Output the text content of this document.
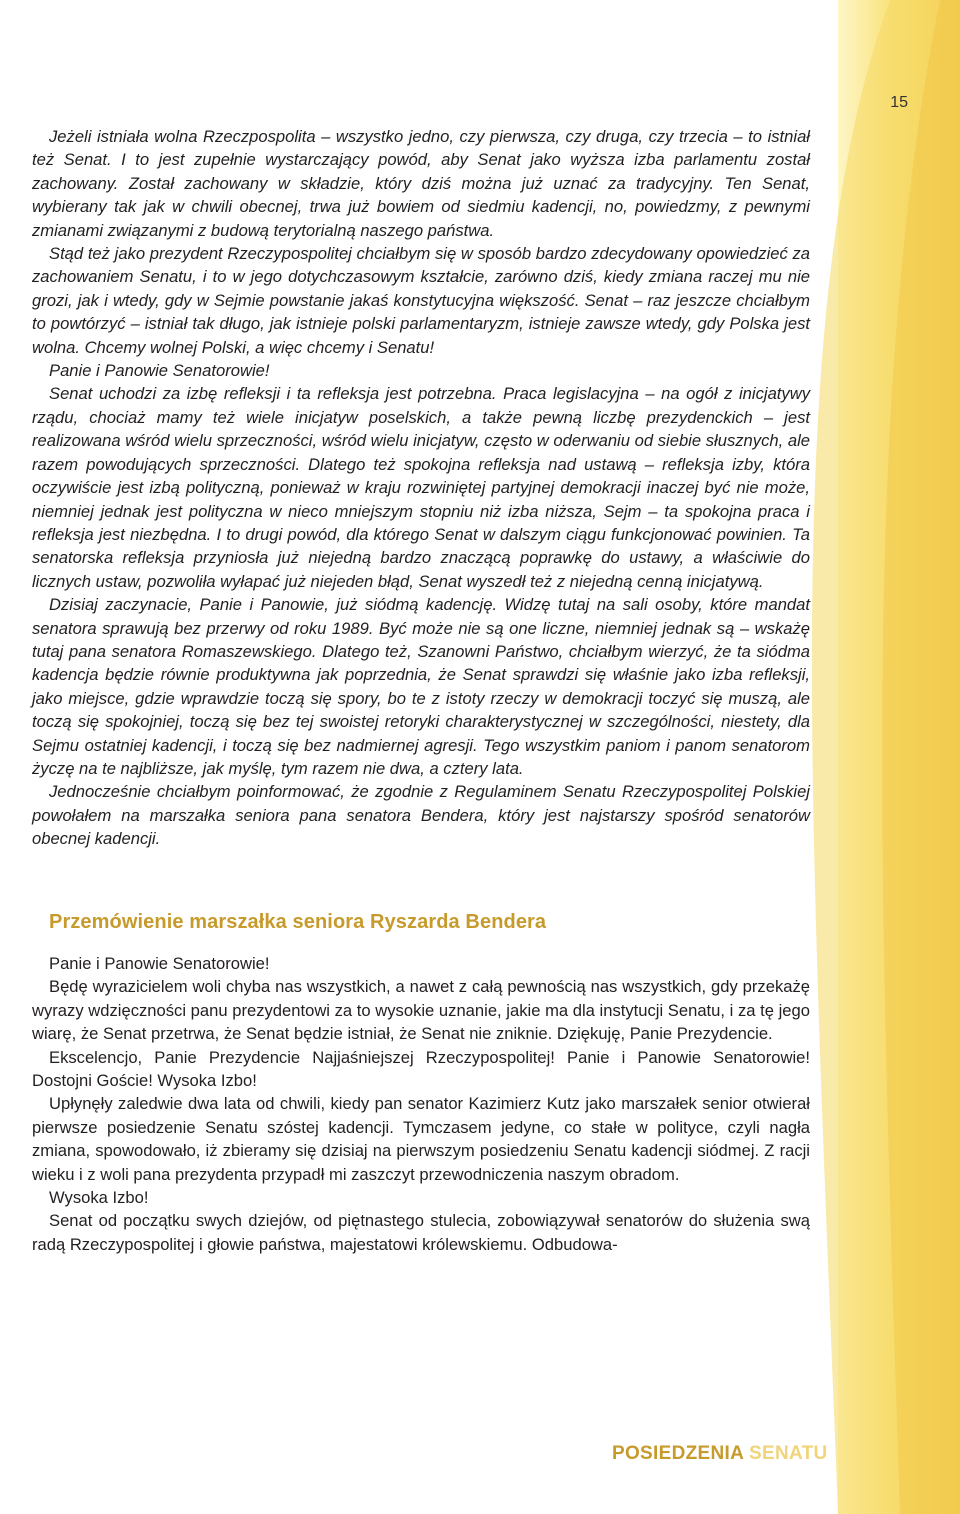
15

Jeżeli istniała wolna Rzeczpospolita – wszystko jedno, czy pierwsza, czy druga, czy trzecia – to istniał też Senat. I to jest zupełnie wystarczający powód, aby Senat jako wyższa izba parlamentu został zachowany. Został zachowany w składzie, który dziś można już uznać za tradycyjny. Ten Senat, wybierany tak jak w chwili obecnej, trwa już bowiem od siedmiu kadencji, no, powiedzmy, z pewnymi zmianami związanymi z budową terytorialną naszego państwa.

Stąd też jako prezydent Rzeczypospolitej chciałbym się w sposób bardzo zdecydowany opowiedzieć za zachowaniem Senatu, i to w jego dotychczasowym kształcie, zarówno dziś, kiedy zmiana raczej mu nie grozi, jak i wtedy, gdy w Sejmie powstanie jakaś konstytucyjna większość. Senat – raz jeszcze chciałbym to powtórzyć – istniał tak długo, jak istnieje polski parlamentaryzm, istnieje zawsze wtedy, gdy Polska jest wolna. Chcemy wolnej Polski, a więc chcemy i Senatu!

Panie i Panowie Senatorowie!

Senat uchodzi za izbę refleksji i ta refleksja jest potrzebna. Praca legislacyjna – na ogół z inicjatywy rządu, chociaż mamy też wiele inicjatyw poselskich, a także pewną liczbę prezydenckich – jest realizowana wśród wielu sprzeczności, wśród wielu inicjatyw, często w oderwaniu od siebie słusznych, ale razem powodujących sprzeczności. Dlatego też spokojna refleksja nad ustawą – refleksja izby, która oczywiście jest izbą polityczną, ponieważ w kraju rozwiniętej partyjnej demokracji inaczej być nie może, niemniej jednak jest polityczna w nieco mniejszym stopniu niż izba niższa, Sejm – ta spokojna praca i refleksja jest niezbędna. I to drugi powód, dla którego Senat w dalszym ciągu funkcjonować powinien. Ta senatorska refleksja przyniosła już niejedną bardzo znaczącą poprawkę do ustawy, a właściwie do licznych ustaw, pozwoliła wyłapać już niejeden błąd, Senat wyszedł też z niejedną cenną inicjatywą.

Dzisiaj zaczynacie, Panie i Panowie, już siódmą kadencję. Widzę tutaj na sali osoby, które mandat senatora sprawują bez przerwy od roku 1989. Być może nie są one liczne, niemniej jednak są – wskażę tutaj pana senatora Romaszewskiego. Dlatego też, Szanowni Państwo, chciałbym wierzyć, że ta siódma kadencja będzie równie produktywna jak poprzednia, że Senat sprawdzi się właśnie jako izba refleksji, jako miejsce, gdzie wprawdzie toczą się spory, bo te z istoty rzeczy w demokracji toczyć się muszą, ale toczą się spokojniej, toczą się bez tej swoistej retoryki charakterystycznej w szczególności, niestety, dla Sejmu ostatniej kadencji, i toczą się bez nadmiernej agresji. Tego wszystkim paniom i panom senatorom życzę na te najbliższe, jak myślę, tym razem nie dwa, a cztery lata.

Jednocześnie chciałbym poinformować, że zgodnie z Regulaminem Senatu Rzeczypospolitej Polskiej powołałem na marszałka seniora pana senatora Bendera, który jest najstarszy spośród senatorów obecnej kadencji.

Przemówienie marszałka seniora Ryszarda Bendera

Panie i Panowie Senatorowie!

Będę wyrazicielem woli chyba nas wszystkich, a nawet z całą pewnością nas wszystkich, gdy przekażę wyrazy wdzięczności panu prezydentowi za to wysokie uznanie, jakie ma dla instytucji Senatu, i za tę jego wiarę, że Senat przetrwa, że Senat będzie istniał, że Senat nie zniknie. Dziękuję, Panie Prezydencie.

Ekscelencjo, Panie Prezydencie Najjaśniejszej Rzeczypospolitej! Panie i Panowie Senatorowie! Dostojni Goście! Wysoka Izbo!

Upłynęły zaledwie dwa lata od chwili, kiedy pan senator Kazimierz Kutz jako marszałek senior otwierał pierwsze posiedzenie Senatu szóstej kadencji. Tymczasem jedyne, co stałe w polityce, czyli nagła zmiana, spowodowało, iż zbieramy się dzisiaj na pierwszym posiedzeniu Senatu kadencji siódmej. Z racji wieku i z woli pana prezydenta przypadł mi zaszczyt przewodniczenia naszym obradom.

Wysoka Izbo!

Senat od początku swych dziejów, od piętnastego stulecia, zobowiązywał senatorów do służenia swą radą Rzeczypospolitej i głowie państwa, majestatowi królewskiemu. Odbudowa-

POSIEDZENIA SENATU
